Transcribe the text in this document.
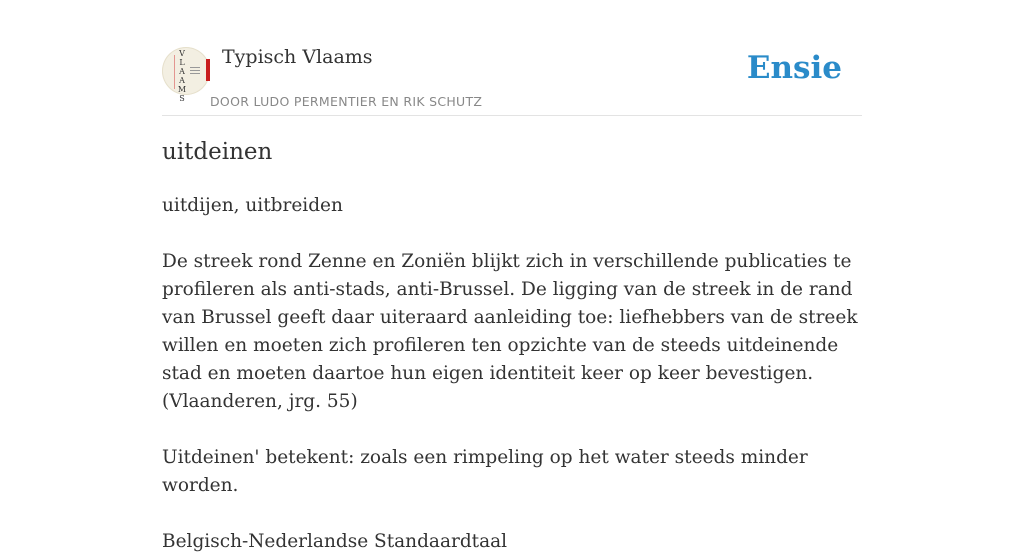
V
L
A
A
M
S
Typisch Vlaams
DOOR LUDO PERMENTIER EN RIK SCHUTZ
Ensie
uitdeinen

uitdijen, uitbreiden

De streek rond Zenne en Zoniën blijkt zich in verschillende publicaties te profileren als anti-stads, anti-Brussel. De ligging van de streek in de rand van Brussel geeft daar uiteraard aanleiding toe: liefhebbers van de streek willen en moeten zich profileren ten opzichte van de steeds uitdeinende stad en moeten daartoe hun eigen identiteit keer op keer bevestigen.

(Vlaanderen, jrg. 55)

Uitdeinen' betekent: zoals een rimpeling op het water steeds minder worden.

Belgisch-Nederlandse Standaardtaal
